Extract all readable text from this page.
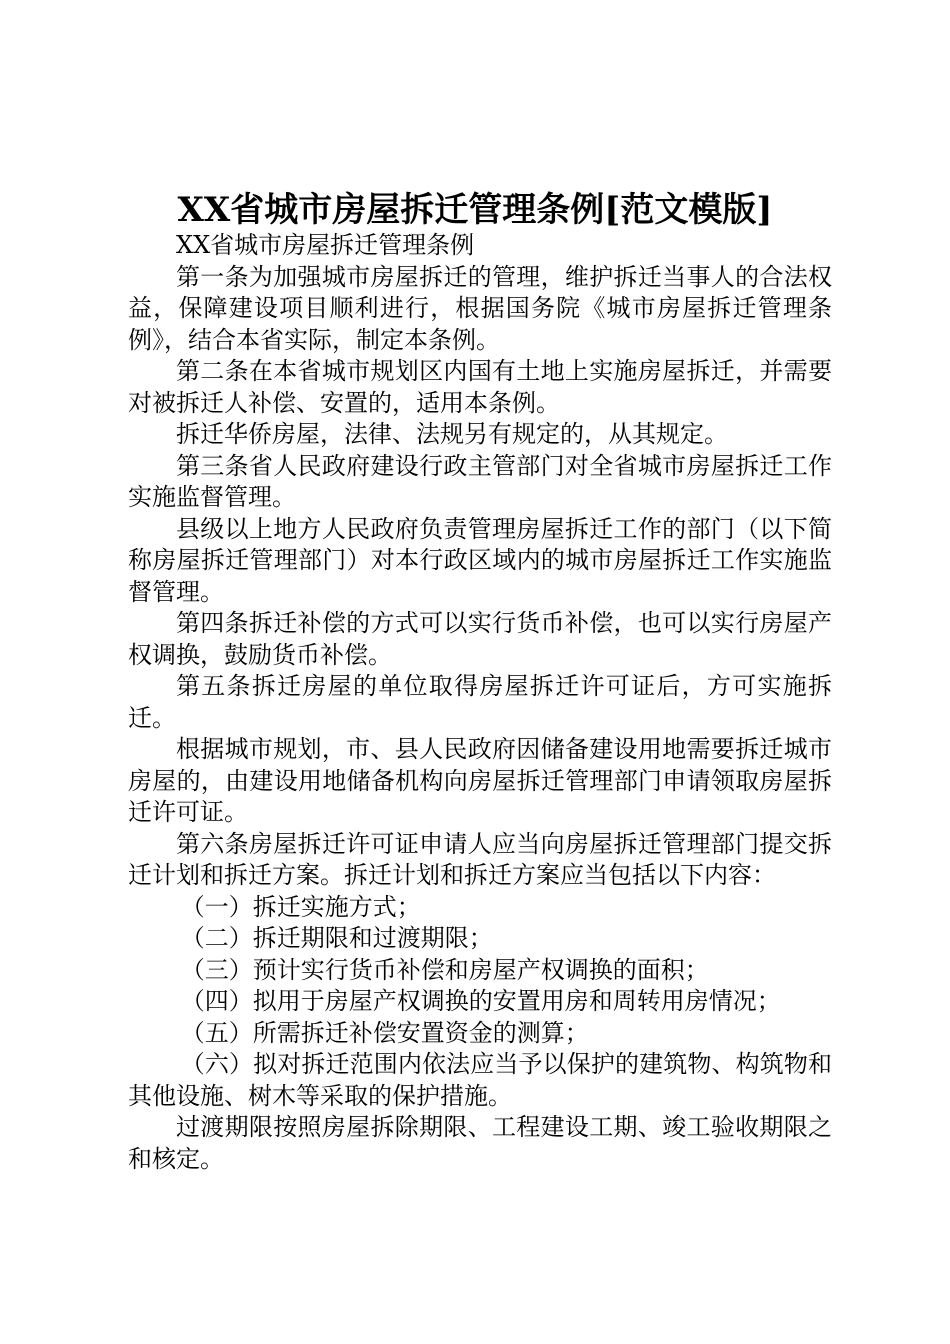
XX省城市房屋拆迁管理条例[范文模版]

XX省城市房屋拆迁管理条例

第一条为加强城市房屋拆迁的管理，维护拆迁当事人的合法权益，保障建设项目顺利进行，根据国务院《城市房屋拆迁管理条例》，结合本省实际，制定本条例。

第二条在本省城市规划区内国有土地上实施房屋拆迁，并需要对被拆迁人补偿、安置的，适用本条例。

拆迁华侨房屋，法律、法规另有规定的，从其规定。

第三条省人民政府建设行政主管部门对全省城市房屋拆迁工作实施监督管理。

县级以上地方人民政府负责管理房屋拆迁工作的部门（以下简称房屋拆迁管理部门）对本行政区域内的城市房屋拆迁工作实施监督管理。

第四条拆迁补偿的方式可以实行货币补偿，也可以实行房屋产权调换，鼓励货币补偿。

第五条拆迁房屋的单位取得房屋拆迁许可证后，方可实施拆迁。

根据城市规划，市、县人民政府因储备建设用地需要拆迁城市房屋的，由建设用地储备机构向房屋拆迁管理部门申请领取房屋拆迁许可证。

第六条房屋拆迁许可证申请人应当向房屋拆迁管理部门提交拆迁计划和拆迁方案。拆迁计划和拆迁方案应当包括以下内容：

（一）拆迁实施方式；

（二）拆迁期限和过渡期限；

（三）预计实行货币补偿和房屋产权调换的面积；

（四）拟用于房屋产权调换的安置用房和周转用房情况；

（五）所需拆迁补偿安置资金的测算；

（六）拟对拆迁范围内依法应当予以保护的建筑物、构筑物和其他设施、树木等采取的保护措施。

过渡期限按照房屋拆除期限、工程建设工期、竣工验收期限之和核定。
